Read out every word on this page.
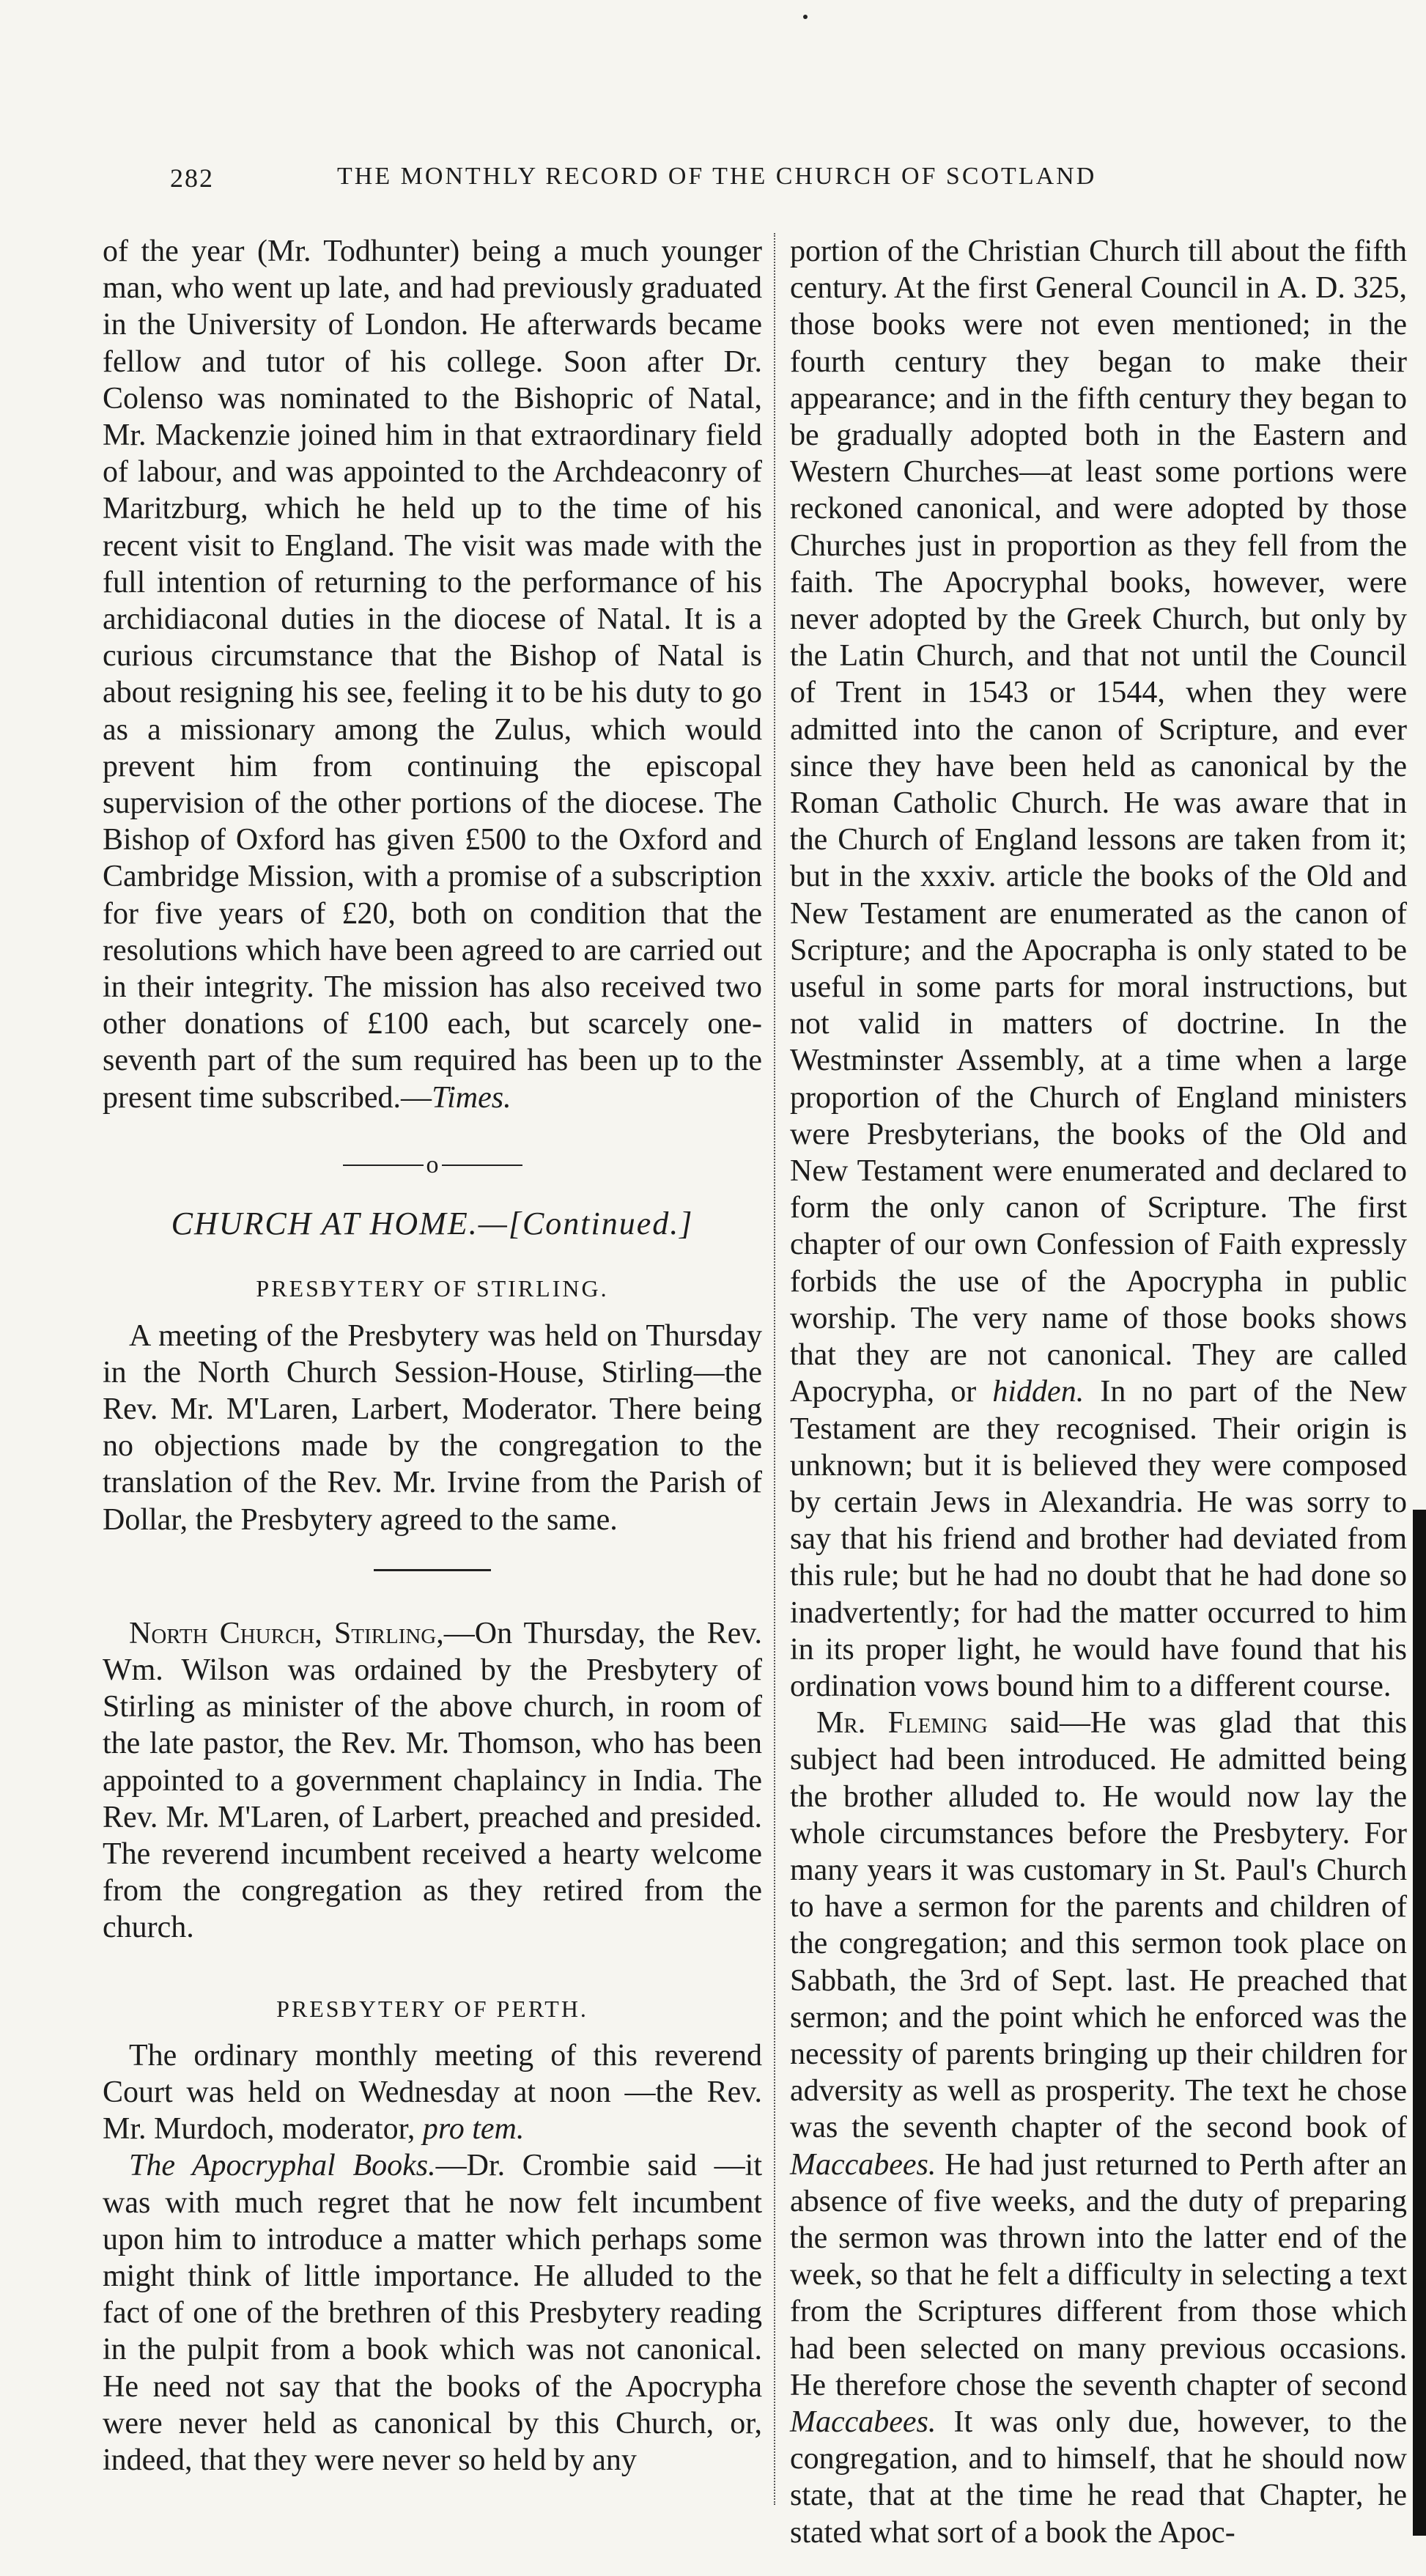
282	THE MONTHLY RECORD OF THE CHURCH OF SCOTLAND

of the year (Mr. Todhunter) being a much younger man, who went up late, and had previously graduated in the University of London. He afterwards became fellow and tutor of his college. Soon after Dr. Colenso was nominated to the Bishopric of Natal, Mr. Mackenzie joined him in that extraordinary field of labour, and was appointed to the Archdeaconry of Maritzburg, which he held up to the time of his recent visit to England. The visit was made with the full intention of returning to the performance of his archidiaconal duties in the diocese of Natal. It is a curious circumstance that the Bishop of Natal is about resigning his see, feeling it to be his duty to go as a missionary among the Zulus, which would prevent him from continuing the episcopal supervision of the other portions of the diocese. The Bishop of Oxford has given £500 to the Oxford and Cambridge Mission, with a promise of a subscription for five years of £20, both on condition that the resolutions which have been agreed to are carried out in their integrity. The mission has also received two other donations of £100 each, but scarcely one-seventh part of the sum required has been up to the present time subscribed.—Times.

o
CHURCH AT HOME.—[Continued.]
PRESBYTERY OF STIRLING.

A meeting of the Presbytery was held on Thursday in the North Church Session-House, Stirling—the Rev. Mr. M'Laren, Larbert, Moderator. There being no objections made by the congregation to the translation of the Rev. Mr. Irvine from the Parish of Dollar, the Presbytery agreed to the same.

North Church, Stirling,—On Thursday, the Rev. Wm. Wilson was ordained by the Presbytery of Stirling as minister of the above church, in room of the late pastor, the Rev. Mr. Thomson, who has been appointed to a government chaplaincy in India. The Rev. Mr. M'Laren, of Larbert, preached and presided. The reverend incumbent received a hearty welcome from the congregation as they retired from the church.

PRESBYTERY OF PERTH.

The ordinary monthly meeting of this reverend Court was held on Wednesday at noon —the Rev. Mr. Murdoch, moderator, pro tem.

The Apocryphal Books.—Dr. Crombie said —it was with much regret that he now felt incumbent upon him to introduce a matter which perhaps some might think of little importance. He alluded to the fact of one of the brethren of this Presbytery reading in the pulpit from a book which was not canonical. He need not say that the books of the Apocrypha were never held as canonical by this Church, or, indeed, that they were never so held by any

portion of the Christian Church till about the fifth century. At the first General Council in A. D. 325, those books were not even mentioned; in the fourth century they began to make their appearance; and in the fifth century they began to be gradually adopted both in the Eastern and Western Churches—at least some portions were reckoned canonical, and were adopted by those Churches just in proportion as they fell from the faith. The Apocryphal books, however, were never adopted by the Greek Church, but only by the Latin Church, and that not until the Council of Trent in 1543 or 1544, when they were admitted into the canon of Scripture, and ever since they have been held as canonical by the Roman Catholic Church. He was aware that in the Church of England lessons are taken from it; but in the xxxiv. article the books of the Old and New Testament are enumerated as the canon of Scripture; and the Apocrapha is only stated to be useful in some parts for moral instructions, but not valid in matters of doctrine. In the Westminster Assembly, at a time when a large proportion of the Church of England ministers were Presbyterians, the books of the Old and New Testament were enumerated and declared to form the only canon of Scripture. The first chapter of our own Confession of Faith expressly forbids the use of the Apocrypha in public worship. The very name of those books shows that they are not canonical. They are called Apocrypha, or hidden. In no part of the New Testament are they recognised. Their origin is unknown; but it is believed they were composed by certain Jews in Alexandria. He was sorry to say that his friend and brother had deviated from this rule; but he had no doubt that he had done so inadvertently; for had the matter occurred to him in its proper light, he would have found that his ordination vows bound him to a different course.

Mr. Fleming said—He was glad that this subject had been introduced. He admitted being the brother alluded to. He would now lay the whole circumstances before the Presbytery. For many years it was customary in St. Paul's Church to have a sermon for the parents and children of the congregation; and this sermon took place on Sabbath, the 3rd of Sept. last. He preached that sermon; and the point which he enforced was the necessity of parents bringing up their children for adversity as well as prosperity. The text he chose was the seventh chapter of the second book of Maccabees. He had just returned to Perth after an absence of five weeks, and the duty of preparing the sermon was thrown into the latter end of the week, so that he felt a difficulty in selecting a text from the Scriptures different from those which had been selected on many previous occasions. He therefore chose the seventh chapter of second Maccabees. It was only due, however, to the congregation, and to himself, that he should now state, that at the time he read that Chapter, he stated what sort of a book the Apoc-
